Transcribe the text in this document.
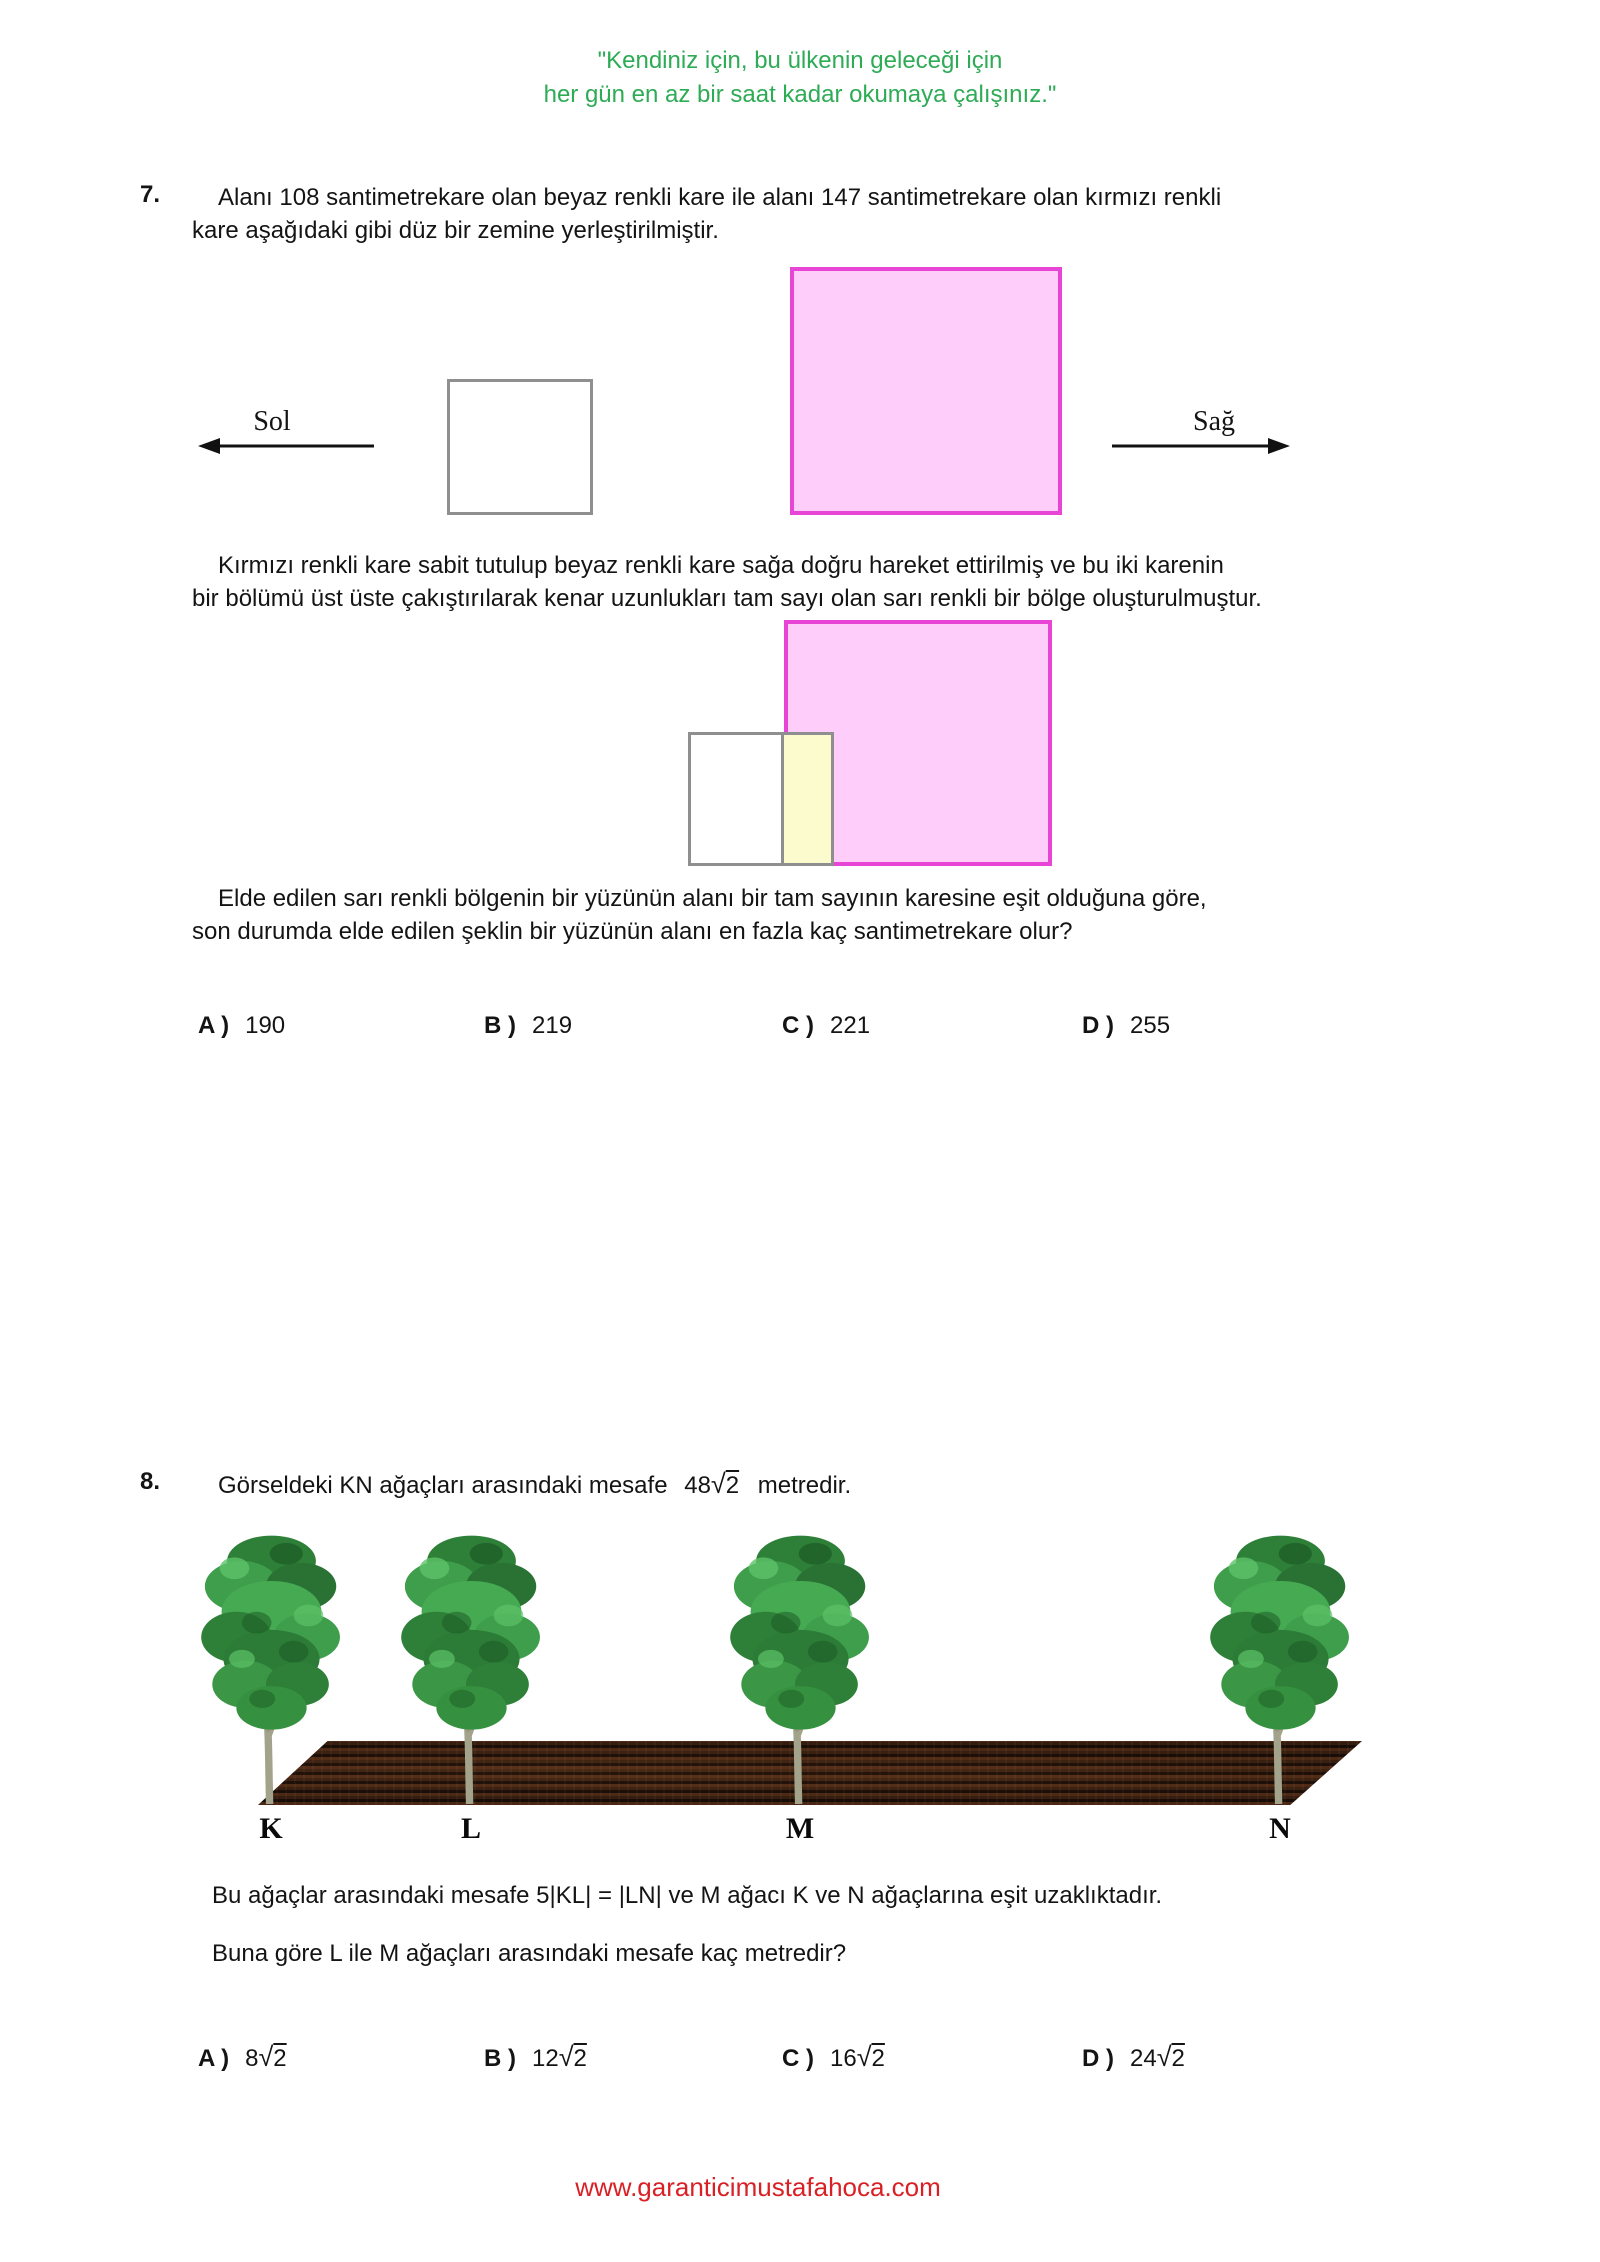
"Kendiniz için, bu ülkenin geleceği için
her gün en az bir saat kadar okumaya çalışınız."
7.	Alanı 108 santimetrekare olan beyaz renkli kare ile alanı 147 santimetrekare olan kırmızı renkli
kare aşağıdaki gibi düz bir zemine yerleştirilmiştir.
Sol	Sağ
Kırmızı renkli kare sabit tutulup beyaz renkli kare sağa doğru hareket ettirilmiş ve bu iki karenin
bir bölümü üst üste çakıştırılarak kenar uzunlukları tam sayı olan sarı renkli bir bölge oluşturulmuştur.
Elde edilen sarı renkli bölgenin bir yüzünün alanı bir tam sayının karesine eşit olduğuna göre,
son durumda elde edilen şeklin bir yüzünün alanı en fazla kaç santimetrekare olur?
A ) 190	B ) 219	C ) 221	D ) 255
8. Görseldeki KN ağaçları arasındaki mesafe 48√2 metredir.
K	L	M	N
Bu ağaçlar arasındaki mesafe 5|KL| = |LN| ve M ağacı K ve N ağaçlarına eşit uzaklıktadır.
Buna göre L ile M ağaçları arasındaki mesafe kaç metredir?
A ) 8√2	B ) 12√2	C ) 16√2	D ) 24√2
www.garanticimustafahoca.com
